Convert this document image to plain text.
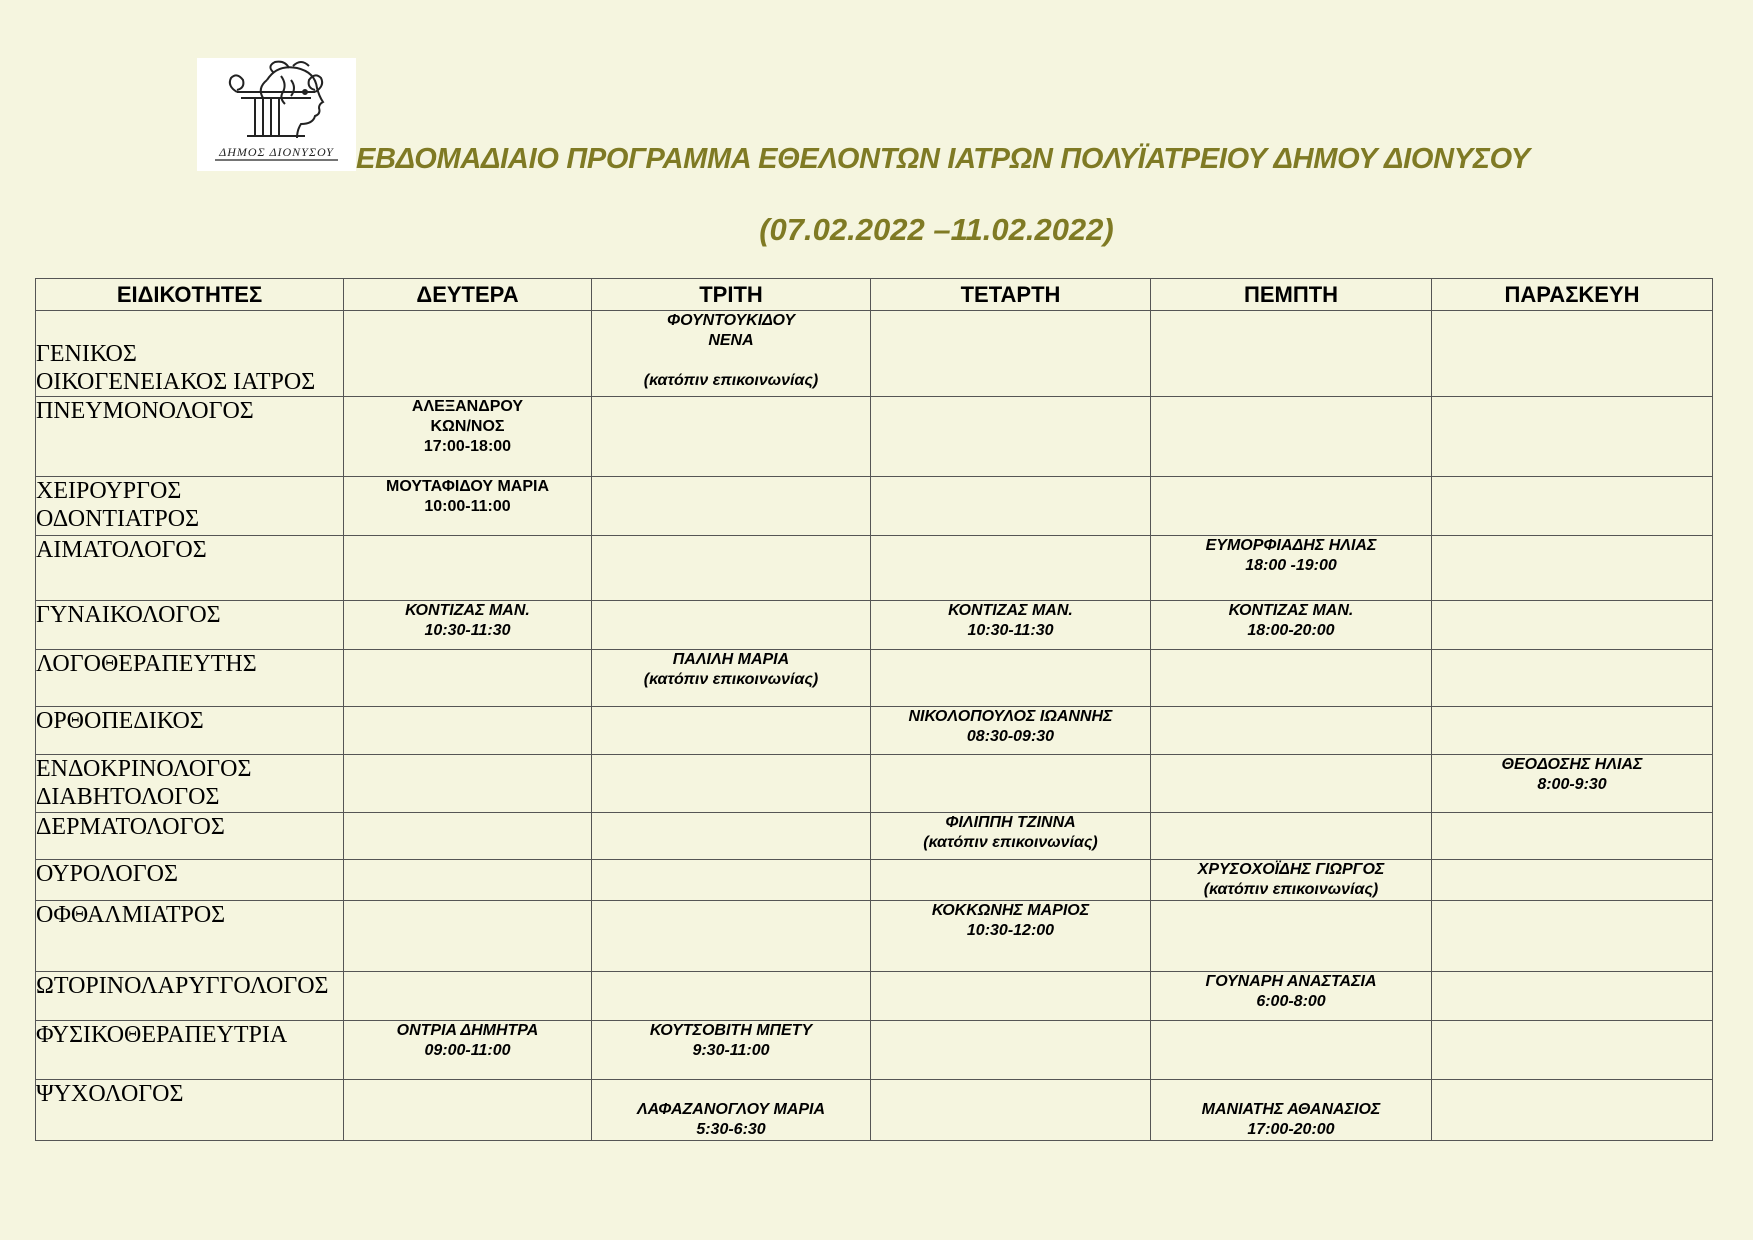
ΔΗΜΟΣ ΔΙΟΝΥΣΟΥ ΕΒΔΟΜΑΔΙΑΙΟ ΠΡΟΓΡΑΜΜΑ ΕΘΕΛΟΝΤΩΝ ΙΑΤΡΩΝ ΠΟΛΥΪΑΤΡΕΙΟΥ ΔΗΜΟΥ ΔΙΟΝΥΣΟΥ
(07.02.2022 –11.02.2022)
ΕΙΔΙΚΟΤΗΤΕΣ	ΔΕΥΤΕΡΑ	ΤΡΙΤΗ	ΤΕΤΑΡΤΗ	ΠΕΜΠΤΗ	ΠΑΡΑΣΚΕΥΗ

ΓΕΝΙΚΟΣ
ΟΙΚΟΓΕΝΕΙΑΚΟΣ ΙΑΤΡΟΣ		ΦΟΥΝΤΟΥΚΙΔΟΥ
ΝΕΝΑ
(κατόπιν επικοινωνίας)			

ΠΝΕΥΜΟΝΟΛΟΓΟΣ	ΑΛΕΞΑΝΔΡΟΥ
ΚΩΝ/ΝΟΣ
17:00-18:00				

ΧΕΙΡΟΥΡΓΟΣ
ΟΔΟΝΤΙΑΤΡΟΣ	ΜΟΥΤΑΦΙΔΟΥ ΜΑΡΙΑ
10:00-11:00				

ΑΙΜΑΤΟΛΟΓΟΣ				ΕΥΜΟΡΦΙΑΔΗΣ ΗΛΙΑΣ
18:00 -19:00	

ΓΥΝΑΙΚΟΛΟΓΟΣ	ΚΟΝΤΙΖΑΣ ΜΑΝ.
10:30-11:30		ΚΟΝΤΙΖΑΣ ΜΑΝ.
10:30-11:30	ΚΟΝΤΙΖΑΣ ΜΑΝ.
18:00-20:00	

ΛΟΓΟΘΕΡΑΠΕΥΤΗΣ		ΠΑΛΙΛΗ ΜΑΡΙΑ
(κατόπιν επικοινωνίας)			

ΟΡΘΟΠΕΔΙΚΟΣ			ΝΙΚΟΛΟΠΟΥΛΟΣ ΙΩΑΝΝΗΣ
08:30-09:30		

ΕΝΔΟΚΡΙΝΟΛΟΓΟΣ
ΔΙΑΒΗΤΟΛΟΓΟΣ					ΘΕΟΔΟΣΗΣ ΗΛΙΑΣ
8:00-9:30

ΔΕΡΜΑΤΟΛΟΓΟΣ			ΦΙΛΙΠΠΗ ΤΖΙΝΝΑ
(κατόπιν επικοινωνίας)		

ΟΥΡΟΛΟΓΟΣ				ΧΡΥΣΟΧΟΪΔΗΣ ΓΙΩΡΓΟΣ
(κατόπιν επικοινωνίας)	

ΟΦΘΑΛΜΙΑΤΡΟΣ			ΚΟΚΚΩΝΗΣ ΜΑΡΙΟΣ
10:30-12:00		

ΩΤΟΡΙΝΟΛΑΡΥΓΓΟΛΟΓΟΣ				ΓΟΥΝΑΡΗ ΑΝΑΣΤΑΣΙΑ
6:00-8:00	

ΦΥΣΙΚΟΘΕΡΑΠΕΥΤΡΙΑ	ΟΝΤΡΙΑ ΔΗΜΗΤΡΑ
09:00-11:00	ΚΟΥΤΣΟΒΙΤΗ ΜΠΕΤΥ
9:30-11:00			

ΨΥΧΟΛΟΓΟΣ		ΛΑΦΑΖΑΝΟΓΛΟΥ ΜΑΡΙΑ
5:30-6:30		ΜΑΝΙΑΤΗΣ ΑΘΑΝΑΣΙΟΣ
17:00-20:00	
